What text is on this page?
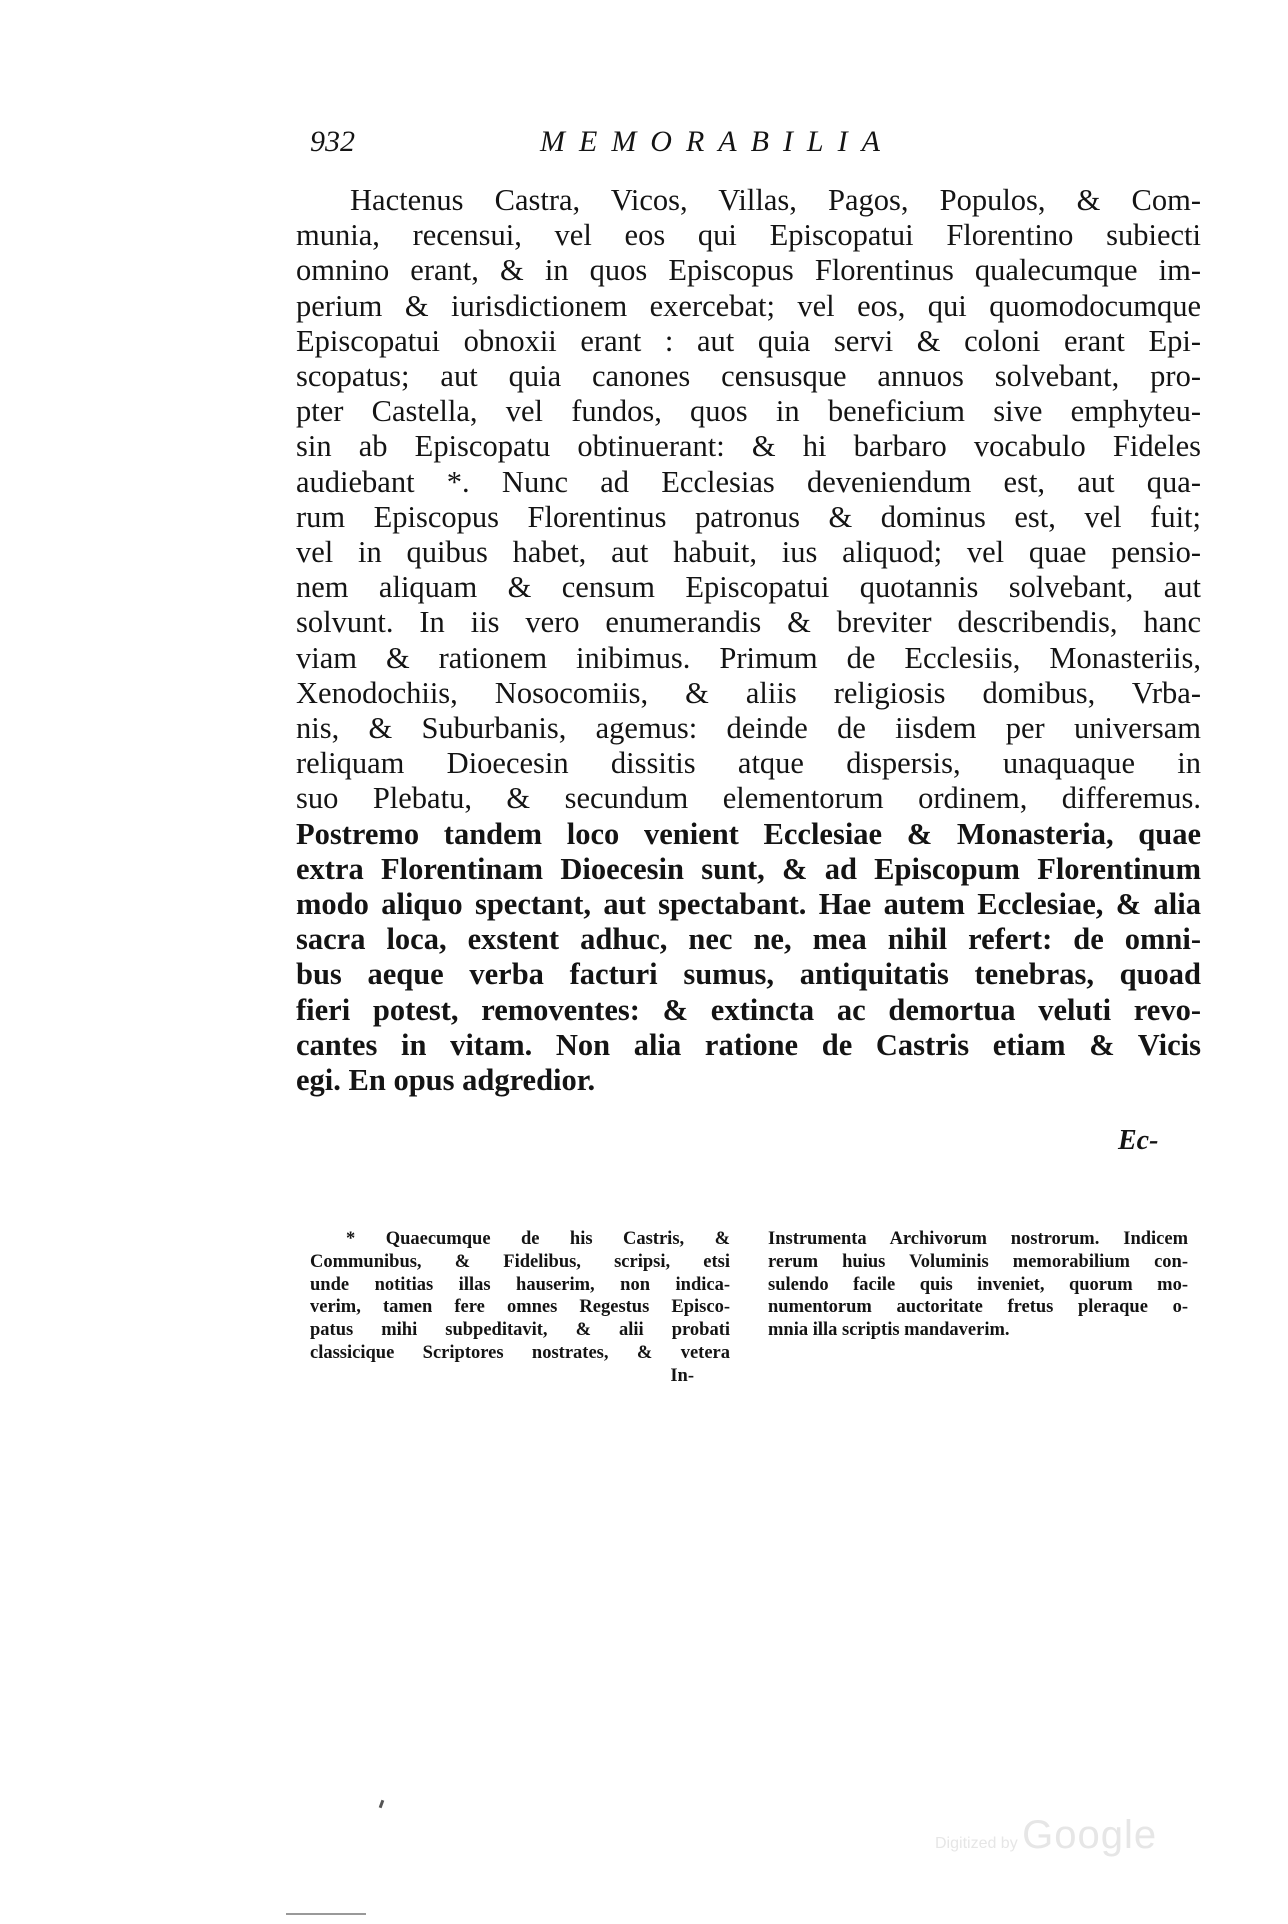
932	MEMORABILIA
Hactenus Castra, Vicos, Villas, Pagos, Populos, & Com-
munia, recensui, vel eos qui Episcopatui Florentino subiecti
omnino erant, & in quos Episcopus Florentinus qualecumque im-
perium & iurisdictionem exercebat; vel eos, qui quomodocumque
Episcopatui obnoxii erant : aut quia servi & coloni erant Epi-
scopatus; aut quia canones censusque annuos solvebant, pro-
pter Castella, vel fundos, quos in beneficium sive emphyteu-
sin ab Episcopatu obtinuerant: & hi barbaro vocabulo Fideles
audiebant *. Nunc ad Ecclesias deveniendum est, aut qua-
rum Episcopus Florentinus patronus & dominus est, vel fuit;
vel in quibus habet, aut habuit, ius aliquod; vel quae pensio-
nem aliquam & censum Episcopatui quotannis solvebant, aut
solvunt. In iis vero enumerandis & breviter describendis, hanc
viam & rationem inibimus. Primum de Ecclesiis, Monasteriis,
Xenodochiis, Nosocomiis, & aliis religiosis domibus, Vrba-
nis, & Suburbanis, agemus: deinde de iisdem per universam
reliquam Dioecesin dissitis atque dispersis, unaquaque in
suo Plebatu, & secundum elementorum ordinem, differemus.
Postremo tandem loco venient Ecclesiae & Monasteria, quae
extra Florentinam Dioecesin sunt, & ad Episcopum Florentinum
modo aliquo spectant, aut spectabant. Hae autem Ecclesiae, & alia
sacra loca, exstent adhuc, nec ne, mea nihil refert: de omni-
bus aeque verba facturi sumus, antiquitatis tenebras, quoad
fieri potest, removentes: & extincta ac demortua veluti revo-
cantes in vitam. Non alia ratione de Castris etiam & Vicis
egi. En opus adgredior.
Ec-
* Quaecumque de his Castris, &
Communibus, & Fidelibus, scripsi, etsi
unde notitias illas hauserim, non indica-
verim, tamen fere omnes Regestus Episco-
patus mihi subpeditavit, & alii probati
classicique Scriptores nostrates, & vetera
In-
Instrumenta Archivorum nostrorum. Indicem
rerum huius Voluminis memorabilium con-
sulendo facile quis inveniet, quorum mo-
numentorum auctoritate fretus pleraque o-
mnia illa scriptis mandaverim.
Digitized by Google
